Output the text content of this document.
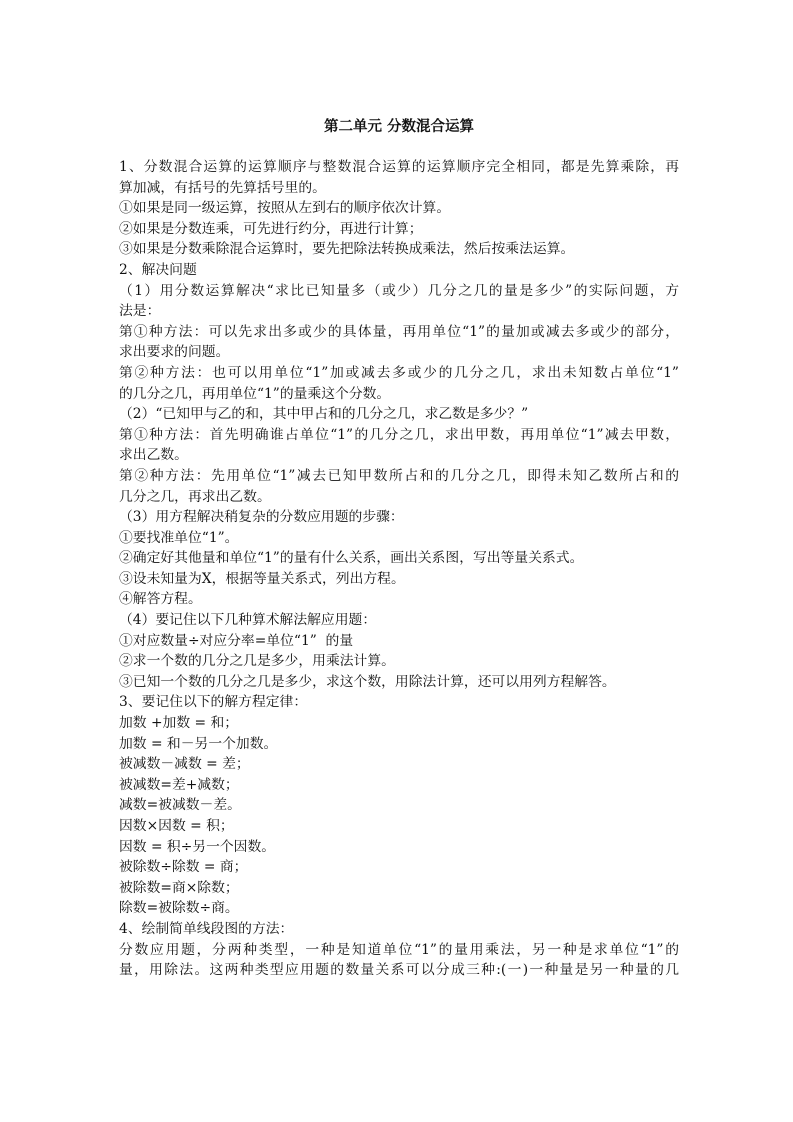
第二单元 分数混合运算
1、分数混合运算的运算顺序与整数混合运算的运算顺序完全相同，都是先算乘除，再
算加减，有括号的先算括号里的。
①如果是同一级运算，按照从左到右的顺序依次计算。
②如果是分数连乘，可先进行约分，再进行计算；
③如果是分数乘除混合运算时，要先把除法转换成乘法，然后按乘法运算。
2、解决问题
（1）用分数运算解决“求比已知量多（或少）几分之几的量是多少”的实际问题，方
法是：
第①种方法：可以先求出多或少的具体量，再用单位“1”的量加或减去多或少的部分，
求出要求的问题。
第②种方法：也可以用单位“1”加或减去多或少的几分之几，求出未知数占单位“1”
的几分之几，再用单位“1”的量乘这个分数。
（2）“已知甲与乙的和，其中甲占和的几分之几，求乙数是多少？”
第①种方法：首先明确谁占单位“1”的几分之几，求出甲数，再用单位“1”减去甲数，
求出乙数。
第②种方法：先用单位“1”减去已知甲数所占和的几分之几，即得未知乙数所占和的
几分之几，再求出乙数。
（3）用方程解决稍复杂的分数应用题的步骤：
①要找准单位“1”。
②确定好其他量和单位“1”的量有什么关系，画出关系图，写出等量关系式。
③设未知量为X，根据等量关系式，列出方程。
④解答方程。
（4）要记住以下几种算术解法解应用题：
①对应数量÷对应分率=单位“1”  的量
②求一个数的几分之几是多少，用乘法计算。
③已知一个数的几分之几是多少，求这个数，用除法计算，还可以用列方程解答。
3、要记住以下的解方程定律：
加数 +加数 = 和；
加数 = 和－另一个加数。
被减数－减数 = 差；
被减数=差+减数；
减数=被减数－差。
因数×因数 = 积；
因数 = 积÷另一个因数。
被除数÷除数 = 商；
被除数=商×除数；
除数=被除数÷商。
4、绘制简单线段图的方法：
分数应用题，分两种类型，一种是知道单位“1”的量用乘法，另一种是求单位“1”的
量，用除法。这两种类型应用题的数量关系可以分成三种:(一)一种量是另一种量的几
